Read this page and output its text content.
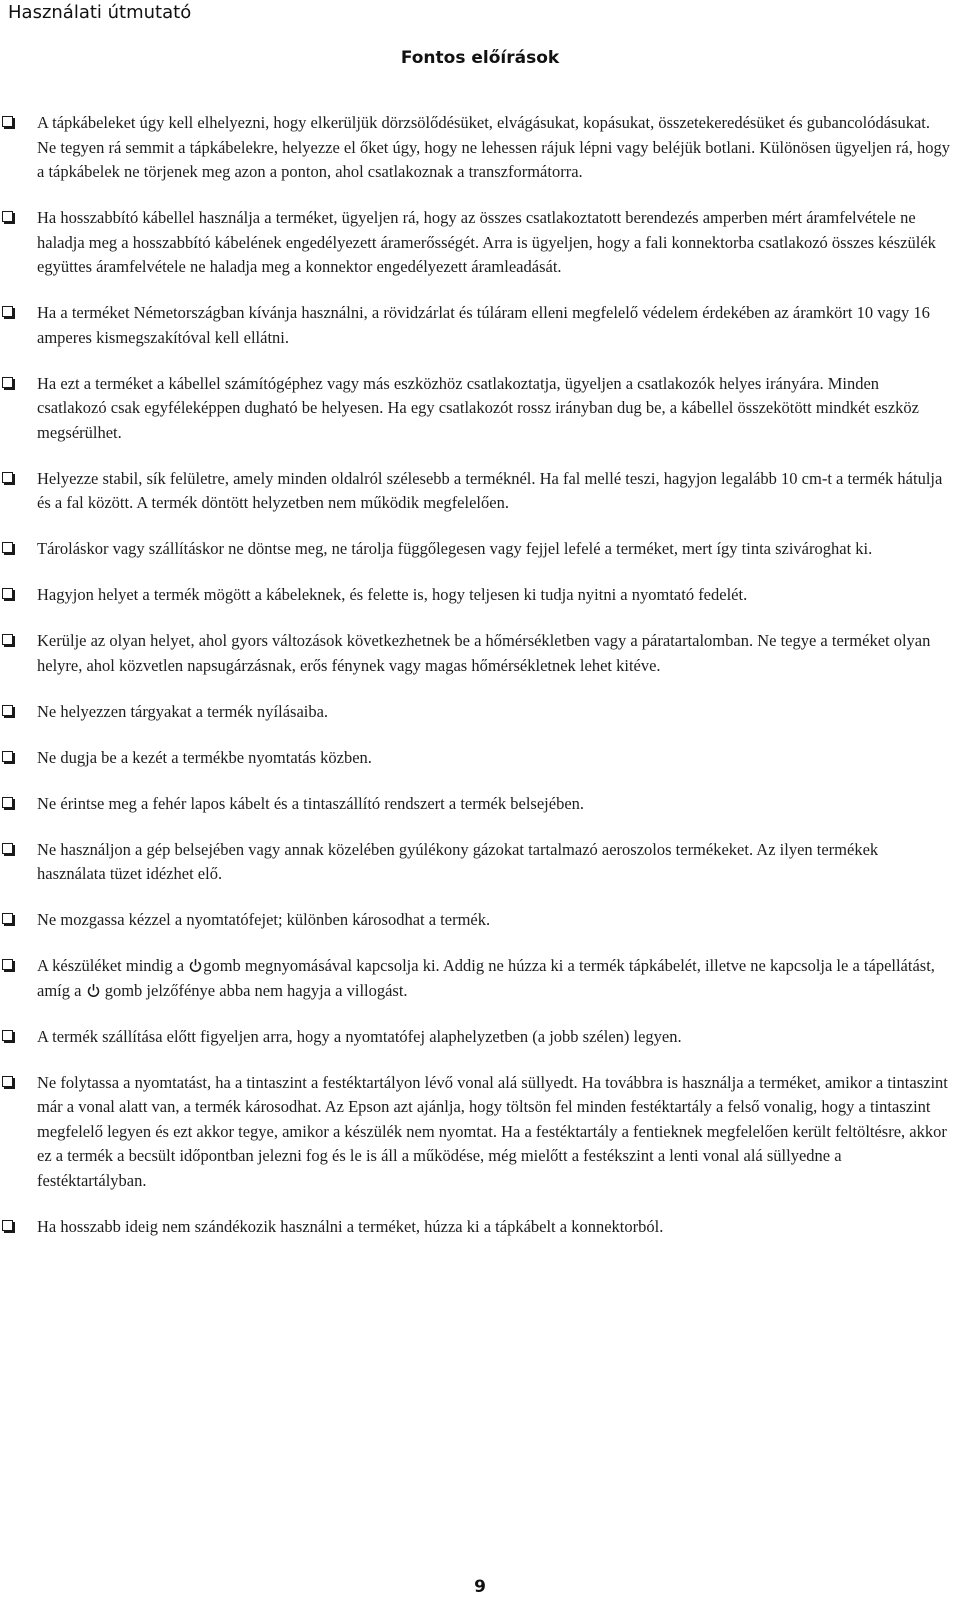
Használati útmutató
Fontos előírások
A tápkábeleket úgy kell elhelyezni, hogy elkerüljük dörzsölődésüket, elvágásukat, kopásukat, összetekeredésüket és gubancolódásukat. Ne tegyen rá semmit a tápkábelekre, helyezze el őket úgy, hogy ne lehessen rájuk lépni vagy beléjük botlani. Különösen ügyeljen rá, hogy a tápkábelek ne törjenek meg azon a ponton, ahol csatlakoznak a transzformátorra.
Ha hosszabbító kábellel használja a terméket, ügyeljen rá, hogy az összes csatlakoztatott berendezés amperben mért áramfelvétele ne haladja meg a hosszabbító kábelének engedélyezett áramerősségét. Arra is ügyeljen, hogy a fali konnektorba csatlakozó összes készülék együttes áramfelvétele ne haladja meg a konnektor engedélyezett áramleadását.
Ha a terméket Németországban kívánja használni, a rövidzárlat és túláram elleni megfelelő védelem érdekében az áramkört 10 vagy 16 amperes kismegszakítóval kell ellátni.
Ha ezt a terméket a kábellel számítógéphez vagy más eszközhöz csatlakoztatja, ügyeljen a csatlakozók helyes irányára. Minden csatlakozó csak egyféleképpen dugható be helyesen. Ha egy csatlakozót rossz irányban dug be, a kábellel összekötött mindkét eszköz megsérülhet.
Helyezze stabil, sík felületre, amely minden oldalról szélesebb a terméknél. Ha fal mellé teszi, hagyjon legalább 10 cm-t a termék hátulja és a fal között. A termék döntött helyzetben nem működik megfelelően.
Tároláskor vagy szállításkor ne döntse meg, ne tárolja függőlegesen vagy fejjel lefelé a terméket, mert így tinta szivároghat ki.
Hagyjon helyet a termék mögött a kábeleknek, és felette is, hogy teljesen ki tudja nyitni a nyomtató fedelét.
Kerülje az olyan helyet, ahol gyors változások következhetnek be a hőmérsékletben vagy a páratartalomban. Ne tegye a terméket olyan helyre, ahol közvetlen napsugárzásnak, erős fénynek vagy magas hőmérsékletnek lehet kitéve.
Ne helyezzen tárgyakat a termék nyílásaiba.
Ne dugja be a kezét a termékbe nyomtatás közben.
Ne érintse meg a fehér lapos kábelt és a tintaszállító rendszert a termék belsejében.
Ne használjon a gép belsejében vagy annak közelében gyúlékony gázokat tartalmazó aeroszolos termékeket. Az ilyen termékek használata tüzet idézhet elő.
Ne mozgassa kézzel a nyomtatófejet; különben károsodhat a termék.
A készüléket mindig a gomb megnyomásával kapcsolja ki. Addig ne húzza ki a termék tápkábelét, illetve ne kapcsolja le a tápellátást, amíg a  gomb jelzőfénye abba nem hagyja a villogást.
A termék szállítása előtt figyeljen arra, hogy a nyomtatófej alaphelyzetben (a jobb szélen) legyen.
Ne folytassa a nyomtatást, ha a tintaszint a festéktartályon lévő vonal alá süllyedt. Ha továbbra is használja a terméket, amikor a tintaszint már a vonal alatt van, a termék károsodhat. Az Epson azt ajánlja, hogy töltsön fel minden festéktartály a felső vonalig, hogy a tintaszint megfelelő legyen és ezt akkor tegye, amikor a készülék nem nyomtat. Ha a festéktartály a fentieknek megfelelően került feltöltésre, akkor ez a termék a becsült időpontban jelezni fog és le is áll a működése, még mielőtt a festékszint a lenti vonal alá süllyedne a festéktartályban.
Ha hosszabb ideig nem szándékozik használni a terméket, húzza ki a tápkábelt a konnektorból.
9
